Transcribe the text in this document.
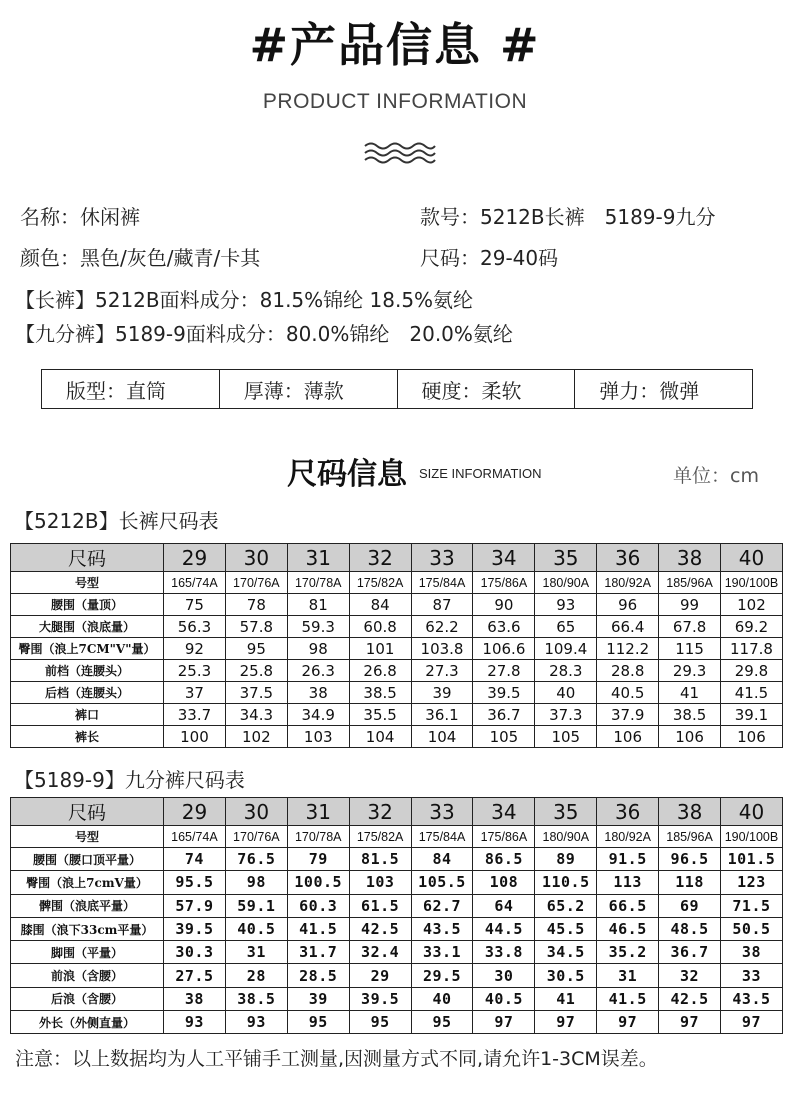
#产品信息 #
PRODUCT INFORMATION
名称：休闲裤	款号：5212B长裤　5189-9九分
颜色：黑色/灰色/藏青/卡其	尺码：29-40码
【长裤】5212B面料成分：81.5%锦纶 18.5%氨纶
【九分裤】5189-9面料成分：80.0%锦纶　20.0%氨纶
版型：直筒	厚薄：薄款	硬度：柔软	弹力：微弹
尺码信息 SIZE INFORMATION	单位：cm
【5212B】长裤尺码表
尺码	29	30	31	32	33	34	35	36	38	40
号型	165/74A	170/76A	170/78A	175/82A	175/84A	175/86A	180/90A	180/92A	185/96A	190/100B
腰围（量顶）	75	78	81	84	87	90	93	96	99	102
大腿围（浪底量）	56.3	57.8	59.3	60.8	62.2	63.6	65	66.4	67.8	69.2
臀围（浪上7CM"V"量）	92	95	98	101	103.8	106.6	109.4	112.2	115	117.8
前档（连腰头）	25.3	25.8	26.3	26.8	27.3	27.8	28.3	28.8	29.3	29.8
后档（连腰头）	37	37.5	38	38.5	39	39.5	40	40.5	41	41.5
裤口	33.7	34.3	34.9	35.5	36.1	36.7	37.3	37.9	38.5	39.1
裤长	100	102	103	104	104	105	105	106	106	106
【5189-9】九分裤尺码表
尺码	29	30	31	32	33	34	35	36	38	40
号型	165/74A	170/76A	170/78A	175/82A	175/84A	175/86A	180/90A	180/92A	185/96A	190/100B
腰围（腰口顶平量）	74	76.5	79	81.5	84	86.5	89	91.5	96.5	101.5
臀围（浪上7cmV量）	95.5	98	100.5	103	105.5	108	110.5	113	118	123
髀围（浪底平量）	57.9	59.1	60.3	61.5	62.7	64	65.2	66.5	69	71.5
膝围（浪下33cm平量）	39.5	40.5	41.5	42.5	43.5	44.5	45.5	46.5	48.5	50.5
脚围（平量）	30.3	31	31.7	32.4	33.1	33.8	34.5	35.2	36.7	38
前浪（含腰）	27.5	28	28.5	29	29.5	30	30.5	31	32	33
后浪（含腰）	38	38.5	39	39.5	40	40.5	41	41.5	42.5	43.5
外长（外侧直量）	93	93	95	95	95	97	97	97	97	97
注意：以上数据均为人工平铺手工测量,因测量方式不同,请允许1-3CM误差。
